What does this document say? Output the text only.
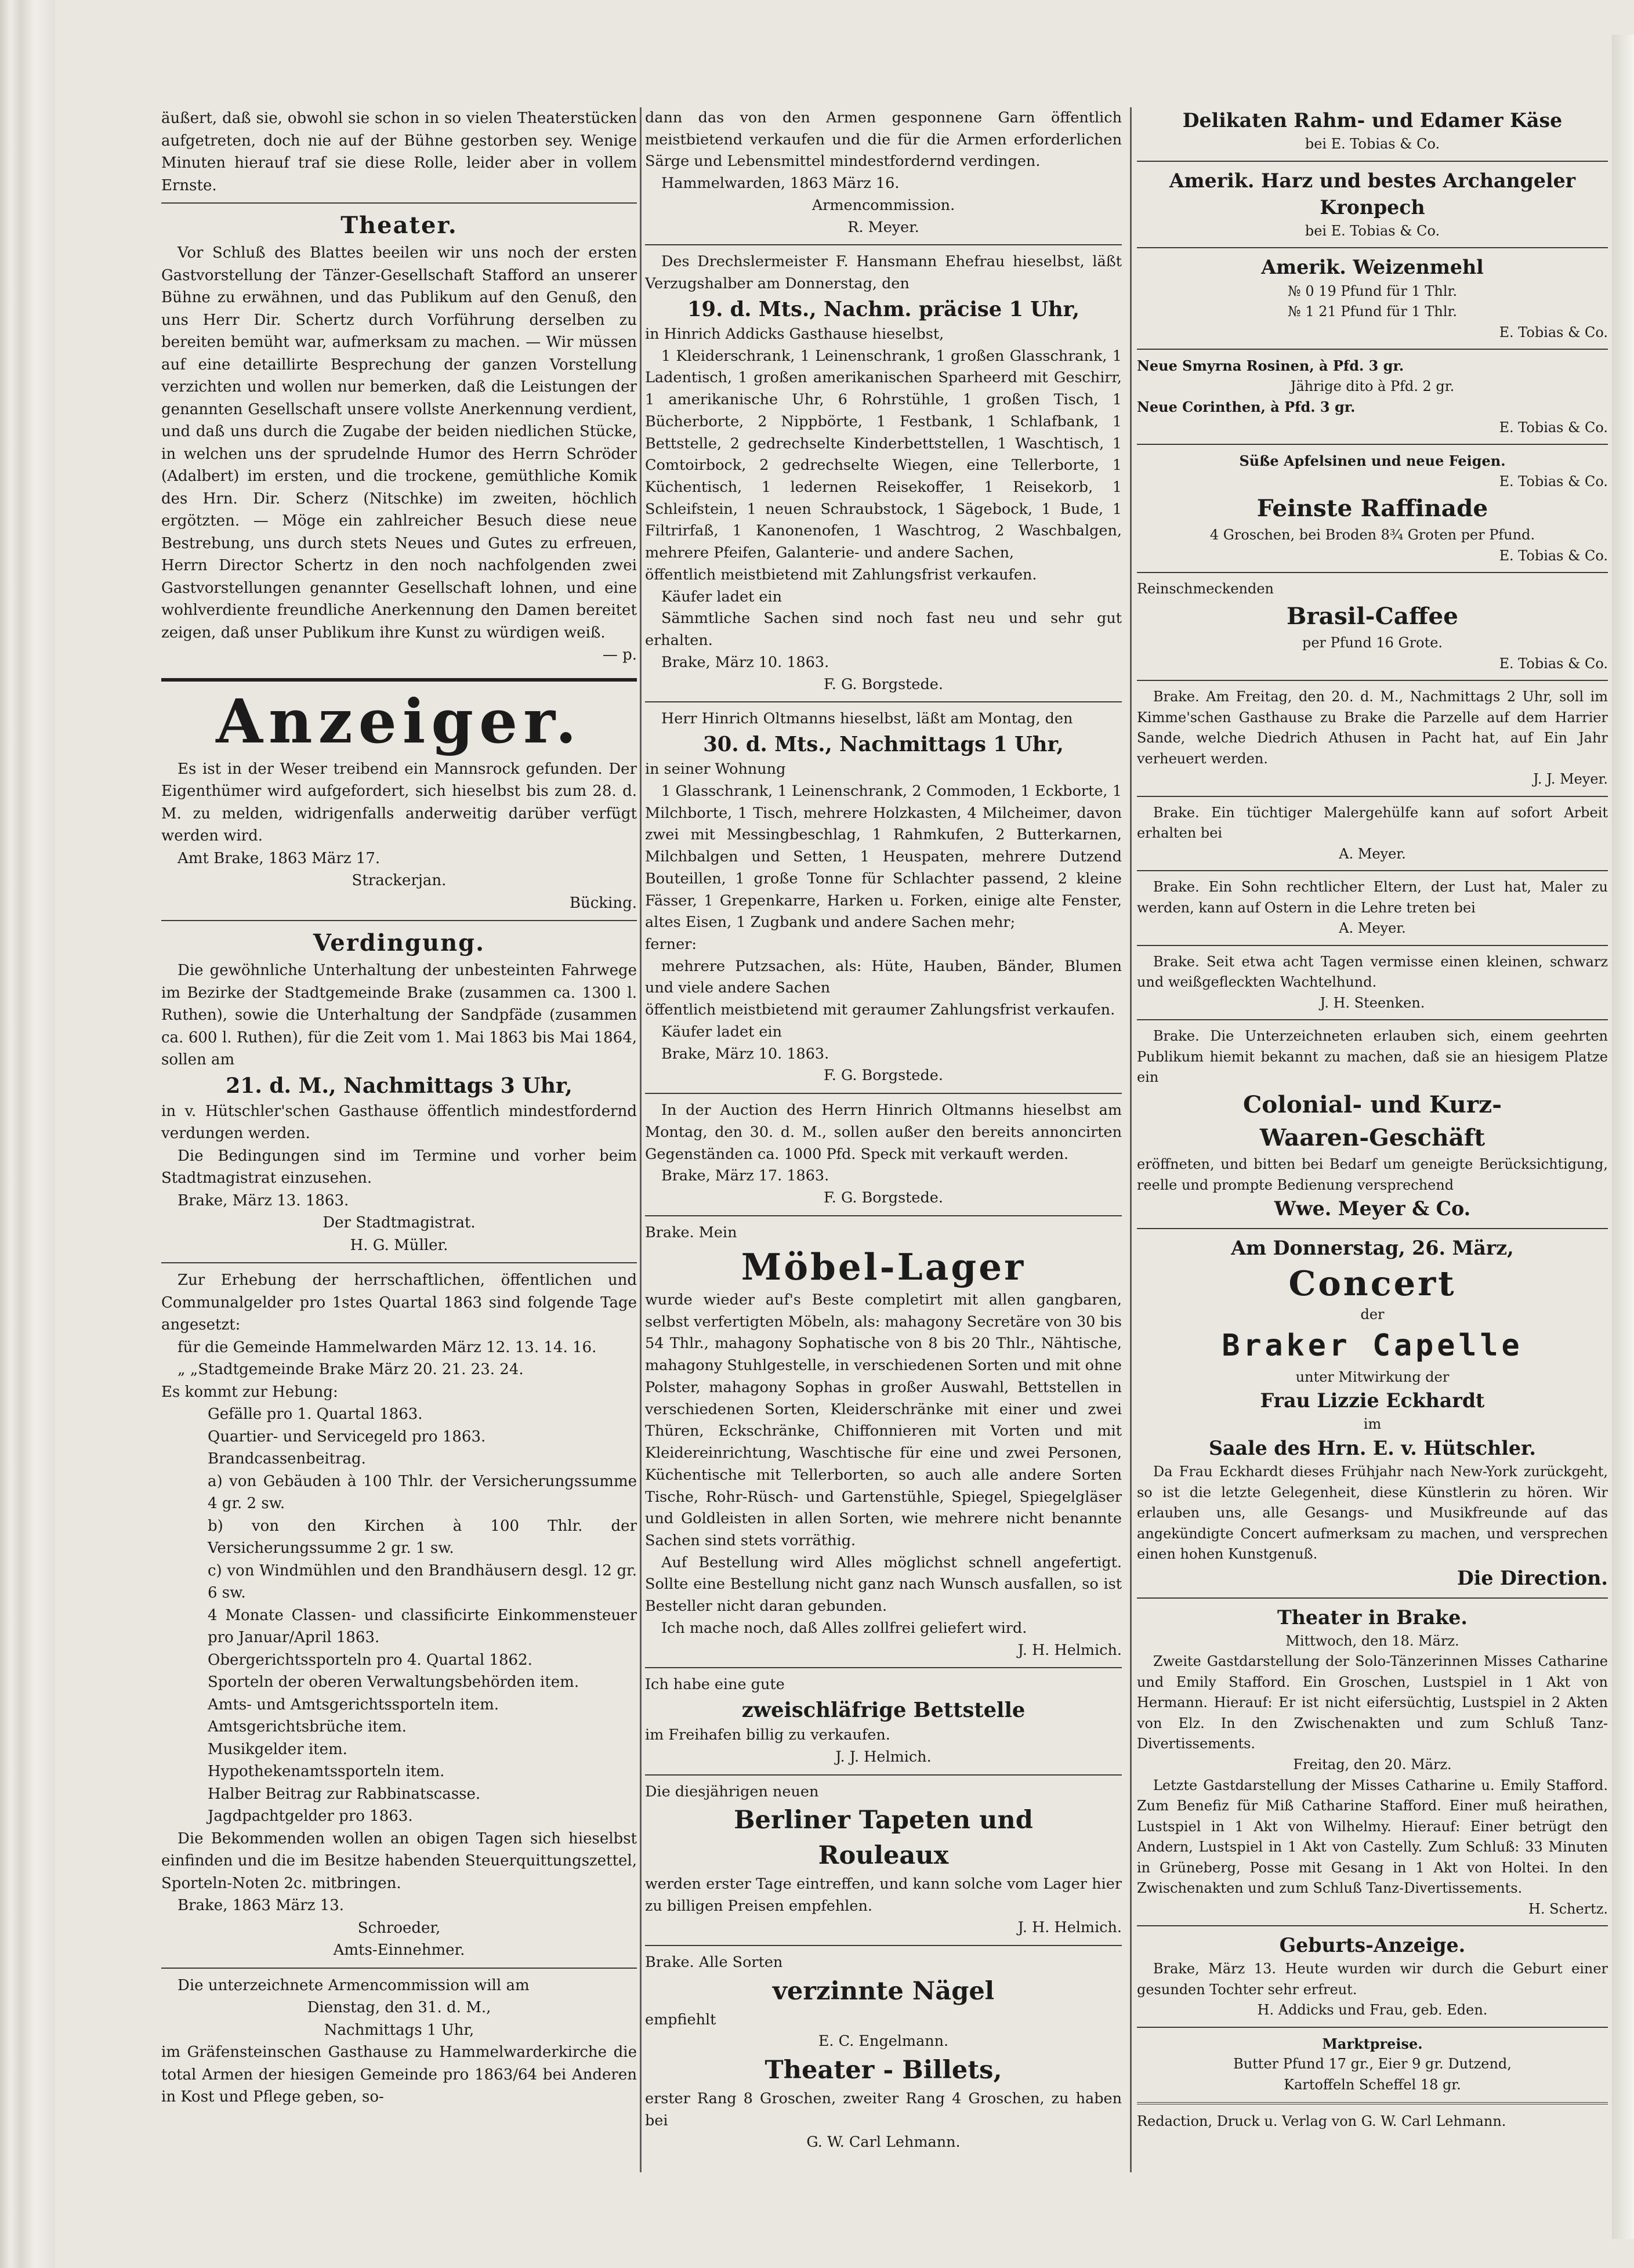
äußert, daß sie, obwohl sie schon in so vielen Theaterstücken aufgetreten, doch nie auf der Bühne gestorben sey. Wenige Minuten hierauf traf sie diese Rolle, leider aber in vollem Ernste.

Theater.

Vor Schluß des Blattes beeilen wir uns noch der ersten Gastvorstellung der Tänzer-Gesellschaft Stafford an unserer Bühne zu erwähnen, und das Publikum auf den Genuß, den uns Herr Dir. Schertz durch Vorführung derselben zu bereiten bemüht war, aufmerksam zu machen. — Wir müssen auf eine detaillirte Besprechung der ganzen Vorstellung verzichten und wollen nur bemerken, daß die Leistungen der genannten Gesellschaft unsere vollste Anerkennung verdient, und daß uns durch die Zugabe der beiden niedlichen Stücke, in welchen uns der sprudelnde Humor des Herrn Schröder (Adalbert) im ersten, und die trockene, gemüthliche Komik des Hrn. Dir. Scherz (Nitschke) im zweiten, höchlich ergötzten. — Möge ein zahlreicher Besuch diese neue Bestrebung, uns durch stets Neues und Gutes zu erfreuen, Herrn Director Schertz in den noch nachfolgenden zwei Gastvorstellungen genannter Gesellschaft lohnen, und eine wohlverdiente freundliche Anerkennung den Damen bereitet zeigen, daß unser Publikum ihre Kunst zu würdigen weiß.

— p.

Anzeiger.

Es ist in der Weser treibend ein Mannsrock gefunden. Der Eigenthümer wird aufgefordert, sich hieselbst bis zum 28. d. M. zu melden, widrigenfalls anderweitig darüber verfügt werden wird.

Amt Brake, 1863 März 17.

Strackerjan.

Bücking.

Verdingung.

Die gewöhnliche Unterhaltung der unbesteinten Fahrwege im Bezirke der Stadtgemeinde Brake (zusammen ca. 1300 l. Ruthen), sowie die Unterhaltung der Sandpfäde (zusammen ca. 600 l. Ruthen), für die Zeit vom 1. Mai 1863 bis Mai 1864, sollen am

21. d. M., Nachmittags 3 Uhr,

in v. Hütschler'schen Gasthause öffentlich mindestfordernd verdungen werden.

Die Bedingungen sind im Termine und vorher beim Stadtmagistrat einzusehen.

Brake, März 13. 1863.

Der Stadtmagistrat.

H. G. Müller.

Zur Erhebung der herrschaftlichen, öffentlichen und Communalgelder pro 1stes Quartal 1863 sind folgende Tage angesetzt:

für die Gemeinde Hammelwarden März 12. 13. 14. 16.

„ „Stadtgemeinde Brake März 20. 21. 23. 24.

Es kommt zur Hebung:

Gefälle pro 1. Quartal 1863.

Quartier- und Servicegeld pro 1863.

Brandcassenbeitrag.

a) von Gebäuden à 100 Thlr. der Versicherungssumme 4 gr. 2 sw.

b) von den Kirchen à 100 Thlr. der Versicherungssumme 2 gr. 1 sw.

c) von Windmühlen und den Brandhäusern desgl. 12 gr. 6 sw.

4 Monate Classen- und classificirte Einkommensteuer pro Januar/April 1863.

Obergerichtssporteln pro 4. Quartal 1862.

Sporteln der oberen Verwaltungsbehörden item.

Amts- und Amtsgerichtssporteln item.

Amtsgerichtsbrüche item.

Musikgelder item.

Hypothekenamtssporteln item.

Halber Beitrag zur Rabbinatscasse.

Jagdpachtgelder pro 1863.

Die Bekommenden wollen an obigen Tagen sich hieselbst einfinden und die im Besitze habenden Steuerquittungszettel, Sporteln-Noten 2c. mitbringen.

Brake, 1863 März 13.

Schroeder,

Amts-Einnehmer.

Die unterzeichnete Armencommission will am

Dienstag, den 31. d. M.,

Nachmittags 1 Uhr,

im Gräfensteinschen Gasthause zu Hammelwarderkirche die total Armen der hiesigen Gemeinde pro 1863/64 bei Anderen in Kost und Pflege geben, so-

dann das von den Armen gesponnene Garn öffentlich meistbietend verkaufen und die für die Armen erforderlichen Särge und Lebensmittel mindestfordernd verdingen.

Hammelwarden, 1863 März 16.

Armencommission.

R. Meyer.

Des Drechslermeister F. Hansmann Ehefrau hieselbst, läßt Verzugshalber am Donnerstag, den

19. d. Mts., Nachm. präcise 1 Uhr,

in Hinrich Addicks Gasthause hieselbst,

1 Kleiderschrank, 1 Leinenschrank, 1 großen Glasschrank, 1 Ladentisch, 1 großen amerikanischen Sparheerd mit Geschirr, 1 amerikanische Uhr, 6 Rohrstühle, 1 großen Tisch, 1 Bücherborte, 2 Nippbörte, 1 Festbank, 1 Schlafbank, 1 Bettstelle, 2 gedrechselte Kinderbettstellen, 1 Waschtisch, 1 Comtoirbock, 2 gedrechselte Wiegen, eine Tellerborte, 1 Küchentisch, 1 ledernen Reisekoffer, 1 Reisekorb, 1 Schleifstein, 1 neuen Schraubstock, 1 Sägebock, 1 Bude, 1 Filtrirfaß, 1 Kanonenofen, 1 Waschtrog, 2 Waschbalgen, mehrere Pfeifen, Galanterie- und andere Sachen,

öffentlich meistbietend mit Zahlungsfrist verkaufen.

Käufer ladet ein

Sämmtliche Sachen sind noch fast neu und sehr gut erhalten.

Brake, März 10. 1863.

F. G. Borgstede.

Herr Hinrich Oltmanns hieselbst, läßt am Montag, den

30. d. Mts., Nachmittags 1 Uhr,

in seiner Wohnung

1 Glasschrank, 1 Leinenschrank, 2 Commoden, 1 Eckborte, 1 Milchborte, 1 Tisch, mehrere Holzkasten, 4 Milcheimer, davon zwei mit Messingbeschlag, 1 Rahmkufen, 2 Butterkarnen, Milchbalgen und Setten, 1 Heuspaten, mehrere Dutzend Bouteillen, 1 große Tonne für Schlachter passend, 2 kleine Fässer, 1 Grepenkarre, Harken u. Forken, einige alte Fenster, altes Eisen, 1 Zugbank und andere Sachen mehr;

ferner:

mehrere Putzsachen, als: Hüte, Hauben, Bänder, Blumen und viele andere Sachen

öffentlich meistbietend mit geraumer Zahlungsfrist verkaufen.

Käufer ladet ein

Brake, März 10. 1863.

F. G. Borgstede.

In der Auction des Herrn Hinrich Oltmanns hieselbst am Montag, den 30. d. M., sollen außer den bereits annoncirten Gegenständen ca. 1000 Pfd. Speck mit verkauft werden.

Brake, März 17. 1863.

F. G. Borgstede.

Brake. Mein

Möbel-Lager

wurde wieder auf's Beste completirt mit allen gangbaren, selbst verfertigten Möbeln, als: mahagony Secretäre von 30 bis 54 Thlr., mahagony Sophatische von 8 bis 20 Thlr., Nähtische, mahagony Stuhlgestelle, in verschiedenen Sorten und mit ohne Polster, mahagony Sophas in großer Auswahl, Bettstellen in verschiedenen Sorten, Kleiderschränke mit einer und zwei Thüren, Eckschränke, Chiffonnieren mit Vorten und mit Kleidereinrichtung, Waschtische für eine und zwei Personen, Küchentische mit Tellerborten, so auch alle andere Sorten Tische, Rohr-Rüsch- und Gartenstühle, Spiegel, Spiegelgläser und Goldleisten in allen Sorten, wie mehrere nicht benannte Sachen sind stets vorräthig.

Auf Bestellung wird Alles möglichst schnell angefertigt. Sollte eine Bestellung nicht ganz nach Wunsch ausfallen, so ist Besteller nicht daran gebunden.

Ich mache noch, daß Alles zollfrei geliefert wird.

J. H. Helmich.

Ich habe eine gute

zweischläfrige Bettstelle

im Freihafen billig zu verkaufen.

J. J. Helmich.

Die diesjährigen neuen

Berliner Tapeten und

Rouleaux

werden erster Tage eintreffen, und kann solche vom Lager hier zu billigen Preisen empfehlen.

J. H. Helmich.

Brake. Alle Sorten

verzinnte Nägel

empfiehlt

E. C. Engelmann.

Theater - Billets,

erster Rang 8 Groschen, zweiter Rang 4 Groschen, zu haben bei

G. W. Carl Lehmann.

Delikaten Rahm- und Edamer Käse

bei E. Tobias & Co.

Amerik. Harz und bestes Archangeler

Kronpech

bei E. Tobias & Co.

Amerik. Weizenmehl

№ 0 19 Pfund für 1 Thlr.

№ 1 21 Pfund für 1 Thlr.

E. Tobias & Co.

Neue Smyrna Rosinen, à Pfd. 3 gr.

Jährige dito à Pfd. 2 gr.

Neue Corinthen, à Pfd. 3 gr.

E. Tobias & Co.

Süße Apfelsinen und neue Feigen.

E. Tobias & Co.

Feinste Raffinade

4 Groschen, bei Broden 8¾ Groten per Pfund.

E. Tobias & Co.

Reinschmeckenden

Brasil-Caffee

per Pfund 16 Grote.

E. Tobias & Co.

Brake. Am Freitag, den 20. d. M., Nachmittags 2 Uhr, soll im Kimme'schen Gasthause zu Brake die Parzelle auf dem Harrier Sande, welche Diedrich Athusen in Pacht hat, auf Ein Jahr verheuert werden.

J. J. Meyer.

Brake. Ein tüchtiger Malergehülfe kann auf sofort Arbeit erhalten bei

A. Meyer.

Brake. Ein Sohn rechtlicher Eltern, der Lust hat, Maler zu werden, kann auf Ostern in die Lehre treten bei

A. Meyer.

Brake. Seit etwa acht Tagen vermisse einen kleinen, schwarz und weißgefleckten Wachtelhund.

J. H. Steenken.

Brake. Die Unterzeichneten erlauben sich, einem geehrten Publikum hiemit bekannt zu machen, daß sie an hiesigem Platze ein

Colonial- und Kurz-

Waaren-Geschäft

eröffneten, und bitten bei Bedarf um geneigte Berücksichtigung, reelle und prompte Bedienung versprechend

Wwe. Meyer & Co.

Am Donnerstag, 26. März,

Concert

der

Braker Capelle

unter Mitwirkung der

Frau Lizzie Eckhardt

im

Saale des Hrn. E. v. Hütschler.

Da Frau Eckhardt dieses Frühjahr nach New-York zurückgeht, so ist die letzte Gelegenheit, diese Künstlerin zu hören. Wir erlauben uns, alle Gesangs- und Musikfreunde auf das angekündigte Concert aufmerksam zu machen, und versprechen einen hohen Kunstgenuß.

Die Direction.

Theater in Brake.

Mittwoch, den 18. März.

Zweite Gastdarstellung der Solo-Tänzerinnen Misses Catharine und Emily Stafford. Ein Groschen, Lustspiel in 1 Akt von Hermann. Hierauf: Er ist nicht eifersüchtig, Lustspiel in 2 Akten von Elz. In den Zwischenakten und zum Schluß Tanz-Divertissements.

Freitag, den 20. März.

Letzte Gastdarstellung der Misses Catharine u. Emily Stafford. Zum Benefiz für Miß Catharine Stafford. Einer muß heirathen, Lustspiel in 1 Akt von Wilhelmy. Hierauf: Einer betrügt den Andern, Lustspiel in 1 Akt von Castelly. Zum Schluß: 33 Minuten in Grüneberg, Posse mit Gesang in 1 Akt von Holtei. In den Zwischenakten und zum Schluß Tanz-Divertissements.

H. Schertz.

Geburts-Anzeige.

Brake, März 13. Heute wurden wir durch die Geburt einer gesunden Tochter sehr erfreut.

H. Addicks und Frau, geb. Eden.

Marktpreise.

Butter Pfund 17 gr., Eier 9 gr. Dutzend,

Kartoffeln Scheffel 18 gr.

Redaction, Druck u. Verlag von G. W. Carl Lehmann.
